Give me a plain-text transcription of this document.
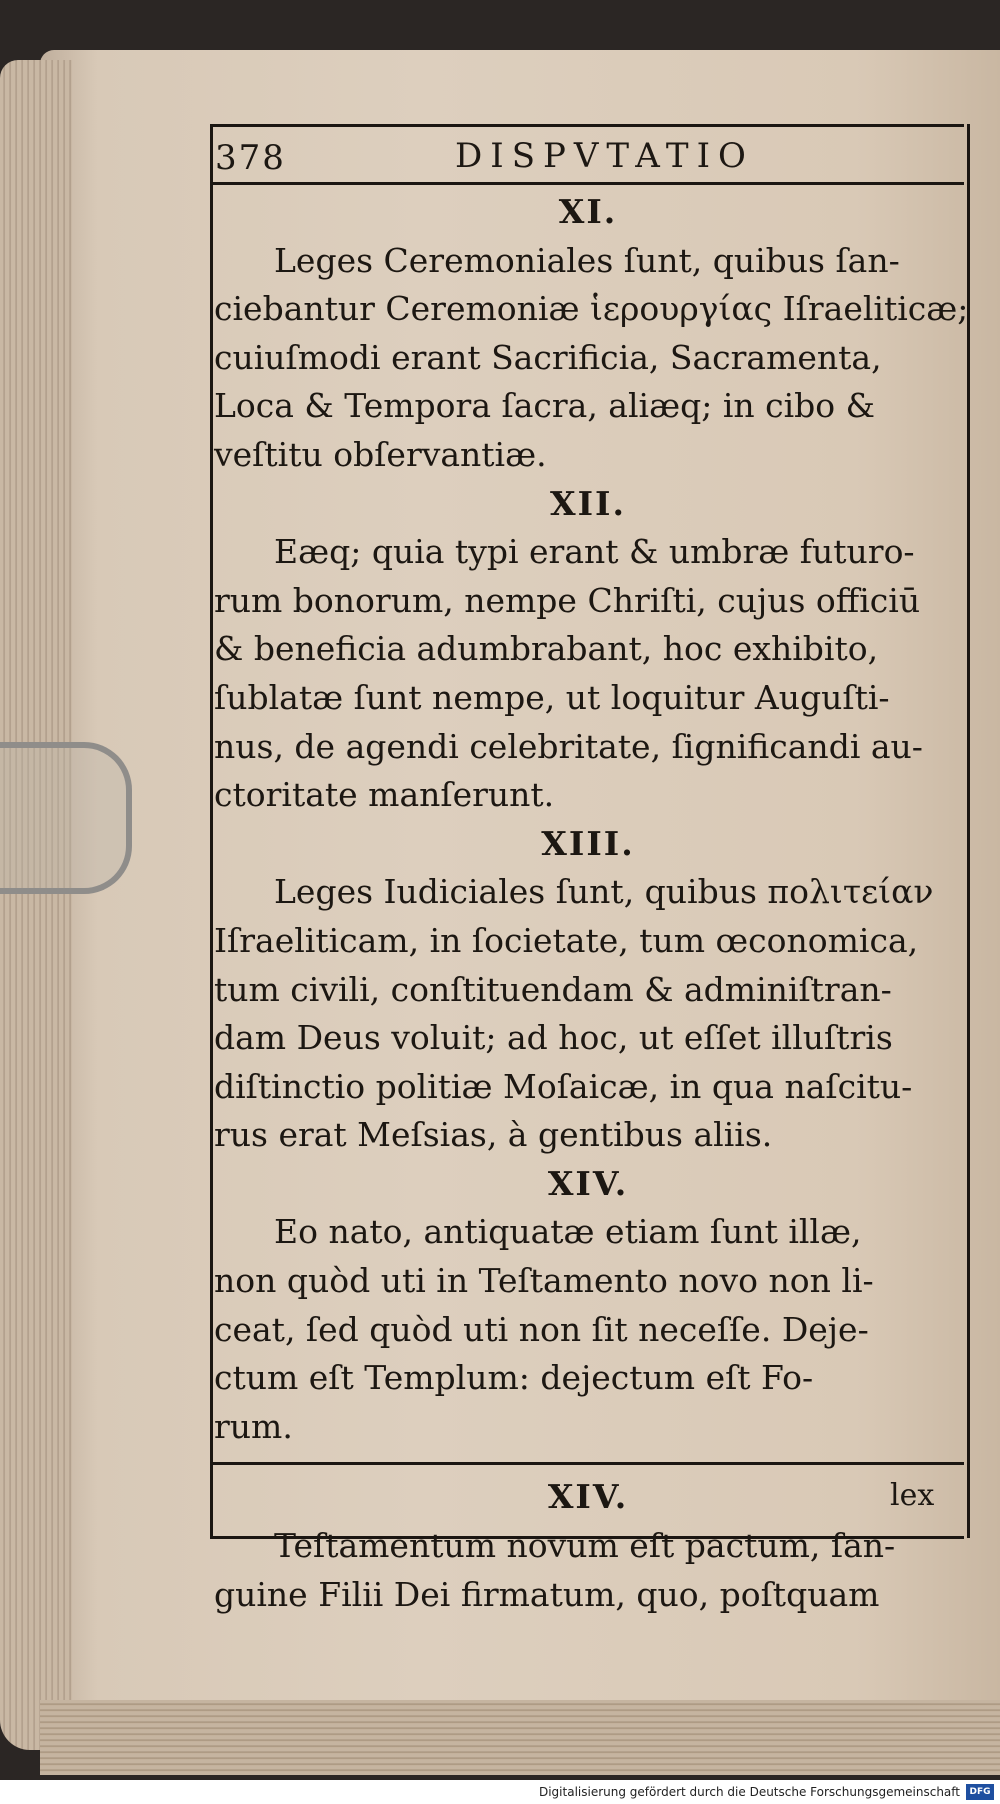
378	DISPVTATIO
XI.
Leges Ceremoniales ſunt, quibus ſan-
ciebantur Ceremoniæ ἱερουργίας Iſraeliticæ;
cuiuſmodi erant Sacrificia, Sacramenta,
Loca & Tempora ſacra, aliæq; in cibo &
veſtitu obſervantiæ.
XII.
Eæq; quia typi erant & umbræ futuro-
rum bonorum, nempe Chriſti, cujus officiū
& beneficia adumbrabant, hoc exhibito,
ſublatæ ſunt nempe, ut loquitur Auguſti-
nus, de agendi celebritate, ſignificandi au-
ctoritate manſerunt.
XIII.
Leges Iudiciales ſunt, quibus πολιτείαν
Iſraeliticam, in ſocietate, tum œconomica,
tum civili, conſtituendam & adminiſtran-
dam Deus voluit; ad hoc, ut eſſet illuſtris
diſtinctio politiæ Moſaicæ, in qua naſcitu-
rus erat Meſsias, à gentibus aliis.
XIV.
Eo nato, antiquatæ etiam ſunt illæ,
non quòd uti in Teſtamento novo non li-
ceat, ſed quòd uti non ſit neceſſe. Deje-
ctum eſt Templum: dejectum eſt Fo-
rum.
XIV.
Teſtamentum novum eſt pactum, ſan-
guine Filii Dei firmatum, quo, poſtquam
lex
Digitalisierung gefördert durch die Deutsche Forschungsgemeinschaft	DFG
